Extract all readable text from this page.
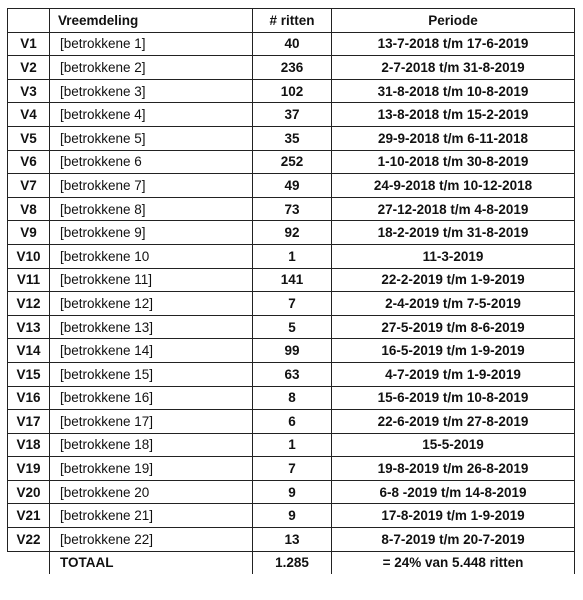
	Vreemdeling	# ritten	Periode
V1	[betrokkene 1]	40	13-7-2018 t/m 17-6-2019
V2	[betrokkene 2]	236	2-7-2018 t/m 31-8-2019
V3	[betrokkene 3]	102	31-8-2018 t/m 10-8-2019
V4	[betrokkene 4]	37	13-8-2018 t/m 15-2-2019
V5	[betrokkene 5]	35	29-9-2018 t/m 6-11-2018
V6	[betrokkene 6	252	1-10-2018 t/m 30-8-2019
V7	[betrokkene 7]	49	24-9-2018 t/m 10-12-2018
V8	[betrokkene 8]	73	27-12-2018 t/m 4-8-2019
V9	[betrokkene 9]	92	18-2-2019 t/m 31-8-2019
V10	[betrokkene 10	1	11-3-2019
V11	[betrokkene 11]	141	22-2-2019 t/m 1-9-2019
V12	[betrokkene 12]	7	2-4-2019 t/m 7-5-2019
V13	[betrokkene 13]	5	27-5-2019 t/m 8-6-2019
V14	[betrokkene 14]	99	16-5-2019 t/m 1-9-2019
V15	[betrokkene 15]	63	4-7-2019 t/m 1-9-2019
V16	[betrokkene 16]	8	15-6-2019 t/m 10-8-2019
V17	[betrokkene 17]	6	22-6-2019 t/m 27-8-2019
V18	[betrokkene 18]	1	15-5-2019
V19	[betrokkene 19]	7	19-8-2019 t/m 26-8-2019
V20	[betrokkene 20	9	6-8 -2019 t/m 14-8-2019
V21	[betrokkene 21]	9	17-8-2019 t/m 1-9-2019
V22	[betrokkene 22]	13	8-7-2019 t/m 20-7-2019
	TOTAAL	1.285	= 24% van 5.448 ritten
